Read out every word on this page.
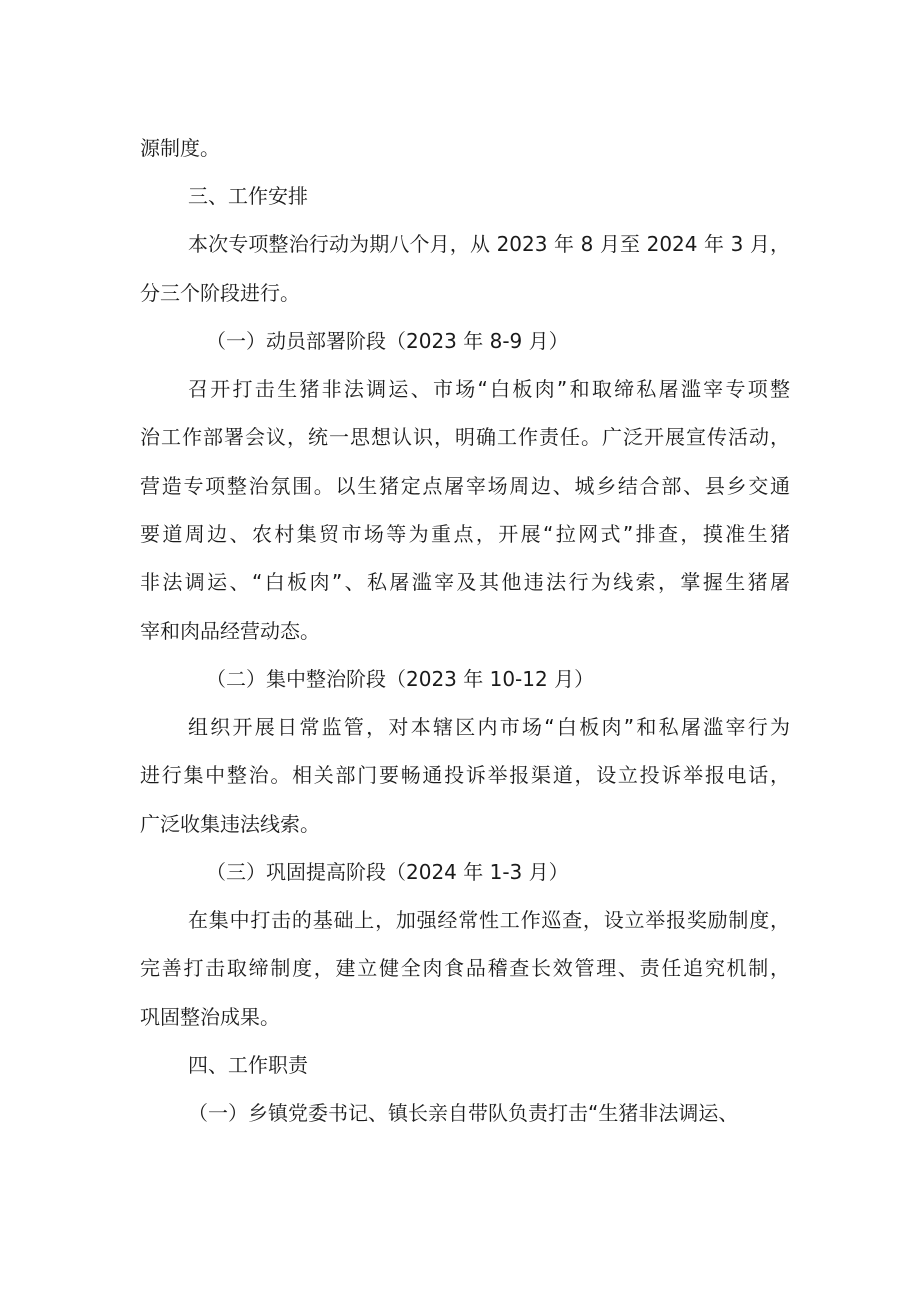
源制度。
三、工作安排
本次专项整治行动为期八个月，从 2023 年 8 月至 2024 年 3 月，
分三个阶段进行。
（一）动员部署阶段（2023 年 8-9 月）
召开打击生猪非法调运、市场“白板肉”和取缔私屠滥宰专项整
治工作部署会议，统一思想认识，明确工作责任。广泛开展宣传活动，
营造专项整治氛围。以生猪定点屠宰场周边、城乡结合部、县乡交通
要道周边、农村集贸市场等为重点，开展“拉网式”排查，摸准生猪
非法调运、“白板肉”、私屠滥宰及其他违法行为线索，掌握生猪屠
宰和肉品经营动态。
（二）集中整治阶段（2023 年 10-12 月）
组织开展日常监管，对本辖区内市场“白板肉”和私屠滥宰行为
进行集中整治。相关部门要畅通投诉举报渠道，设立投诉举报电话，
广泛收集违法线索。
（三）巩固提高阶段（2024 年 1-3 月）
在集中打击的基础上，加强经常性工作巡查，设立举报奖励制度，
完善打击取缔制度，建立健全肉食品稽查长效管理、责任追究机制，
巩固整治成果。
四、工作职责
（一）乡镇党委书记、镇长亲自带队负责打击“生猪非法调运、
